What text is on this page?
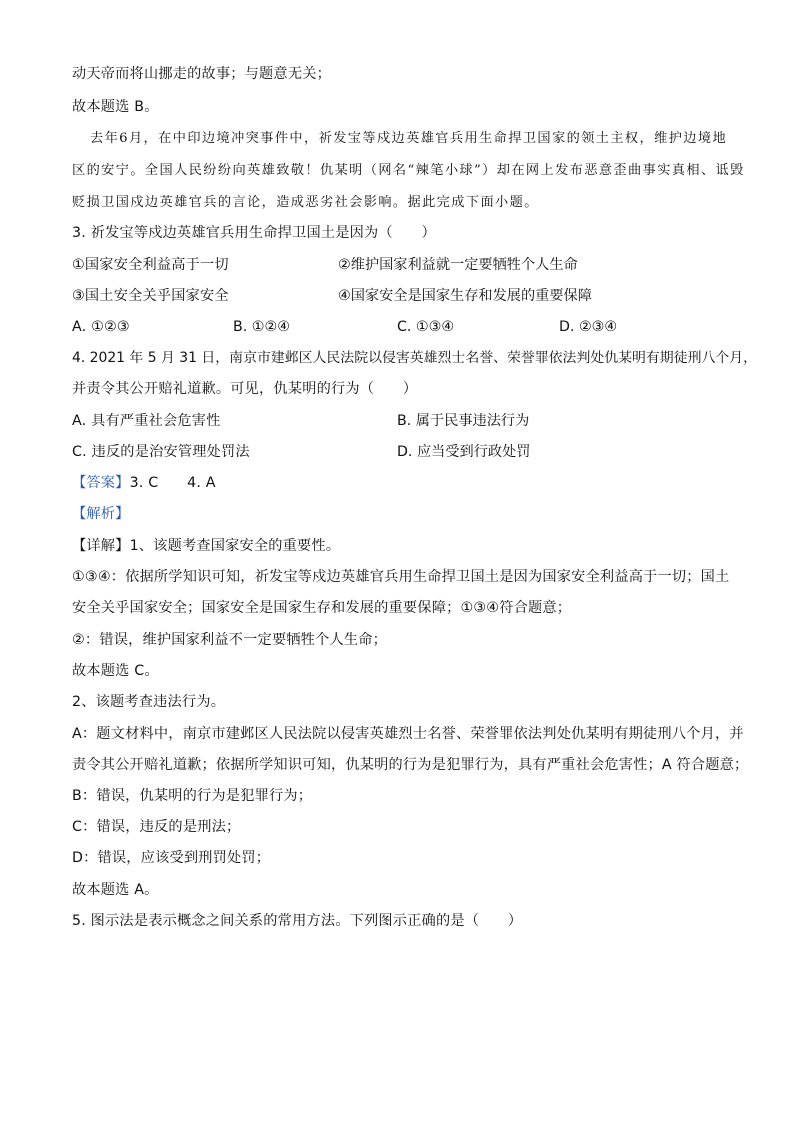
动天帝而将山挪走的故事；与题意无关；
故本题选 B。
去年6月，在中印边境冲突事件中，祈发宝等戍边英雄官兵用生命捍卫国家的领土主权，维护边境地
区的安宁。全国人民纷纷向英雄致敬！仇某明（网名“辣笔小球”）却在网上发布恶意歪曲事实真相、诋毁
贬损卫国戍边英雄官兵的言论，造成恶劣社会影响。据此完成下面小题。
3. 祈发宝等戍边英雄官兵用生命捍卫国土是因为（　　）
①国家安全利益高于一切	②维护国家利益就一定要牺牲个人生命
③国土安全关乎国家安全	④国家安全是国家生存和发展的重要保障
A. ①②③	B. ①②④	C. ①③④	D. ②③④
4. 2021 年 5 月 31 日，南京市建邺区人民法院以侵害英雄烈士名誉、荣誉罪依法判处仇某明有期徒刑八个月，
并责令其公开赔礼道歉。可见，仇某明的行为（　　）
A. 具有严重社会危害性	B. 属于民事违法行为
C. 违反的是治安管理处罚法	D. 应当受到行政处罚
【答案】3. C　　4. A
【解析】
【详解】1、该题考查国家安全的重要性。
①③④：依据所学知识可知，祈发宝等戍边英雄官兵用生命捍卫国土是因为国家安全利益高于一切；国土
安全关乎国家安全；国家安全是国家生存和发展的重要保障；①③④符合题意；
②：错误，维护国家利益不一定要牺牲个人生命；
故本题选 C。
2、该题考查违法行为。
A：题文材料中，南京市建邺区人民法院以侵害英雄烈士名誉、荣誉罪依法判处仇某明有期徒刑八个月，并
责令其公开赔礼道歉；依据所学知识可知，仇某明的行为是犯罪行为，具有严重社会危害性；A 符合题意；
B：错误，仇某明的行为是犯罪行为；
C：错误，违反的是刑法；
D：错误，应该受到刑罚处罚；
故本题选 A。
5. 图示法是表示概念之间关系的常用方法。下列图示正确的是（　　）
